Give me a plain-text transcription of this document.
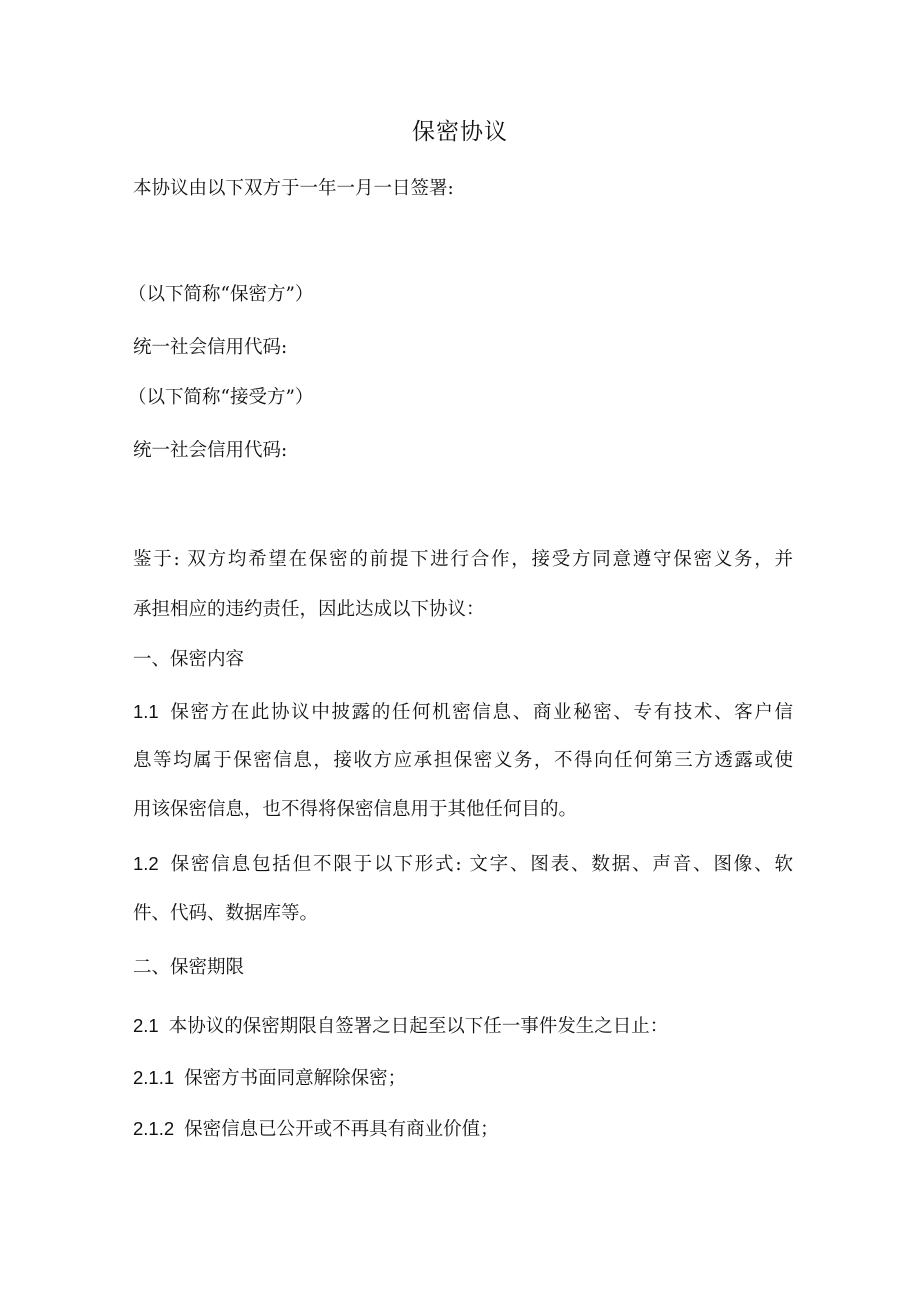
保密协议
本协议由以下双方于一年一月一日签署:
（以下简称“保密方”）
统一社会信用代码:
（以下简称“接受方”）
统一社会信用代码:
鉴于: 双方均希望在保密的前提下进行合作，接受方同意遵守保密义务，并
承担相应的违约责任，因此达成以下协议：
一、保密内容
1.1 保密方在此协议中披露的任何机密信息、商业秘密、专有技术、客户信
息等均属于保密信息，接收方应承担保密义务，不得向任何第三方透露或使
用该保密信息，也不得将保密信息用于其他任何目的。
1.2 保密信息包括但不限于以下形式: 文字、图表、数据、声音、图像、软
件、代码、数据库等。
二、保密期限
2.1 本协议的保密期限自签署之日起至以下任一事件发生之日止：
2.1.1 保密方书面同意解除保密；
2.1.2 保密信息已公开或不再具有商业价值；
